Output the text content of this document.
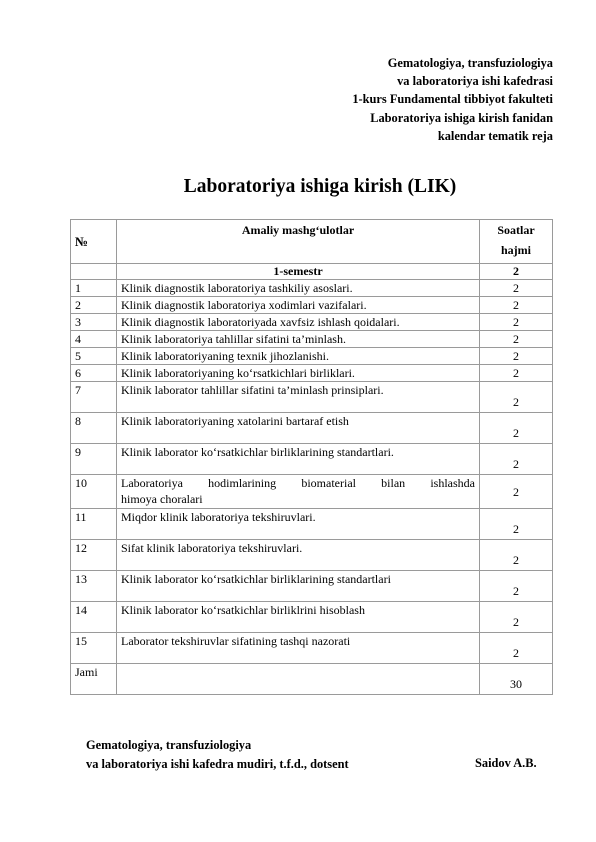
Gematologiya, transfuziologiya
va laboratoriya ishi kafedrasi
1-kurs Fundamental tibbiyot fakulteti
Laboratoriya ishiga kirish fanidan
kalendar tematik reja
Laboratoriya ishiga kirish (LIK)
№	Amaliy mashg‘ulotlar	Soatlar
hajmi

	1-semestr	2
1	Klinik diagnostik laboratoriya tashkiliy asoslari.	2
2	Klinik diagnostik laboratoriya xodimlari vazifalari.	2
3	Klinik diagnostik laboratoriyada xavfsiz ishlash qoidalari.	2
4	Klinik laboratoriya tahlillar sifatini ta’minlash.	2
5	Klinik laboratoriyaning texnik jihozlanishi.	2
6	Klinik laboratoriyaning ko‘rsatkichlari birliklari.	2
7	Klinik laborator tahlillar sifatini ta’minlash prinsiplari.	2
8	Klinik laboratoriyaning xatolarini bartaraf etish	2
9	Klinik laborator ko‘rsatkichlar birliklarining standartlari.	2
10	Laboratoriya hodimlarining biomaterial bilan ishlashda
himoya choralari	2
11	Miqdor klinik laboratoriya tekshiruvlari.	2
12	Sifat klinik laboratoriya tekshiruvlari.	2
13	Klinik laborator ko‘rsatkichlar birliklarining standartlari	2
14	Klinik laborator ko‘rsatkichlar birliklrini hisoblash	2
15	Laborator tekshiruvlar sifatining tashqi nazorati	2
Jami		30
Gematologiya, transfuziologiya
va laboratoriya ishi kafedra mudiri, t.f.d., dotsent	Saidov A.B.
